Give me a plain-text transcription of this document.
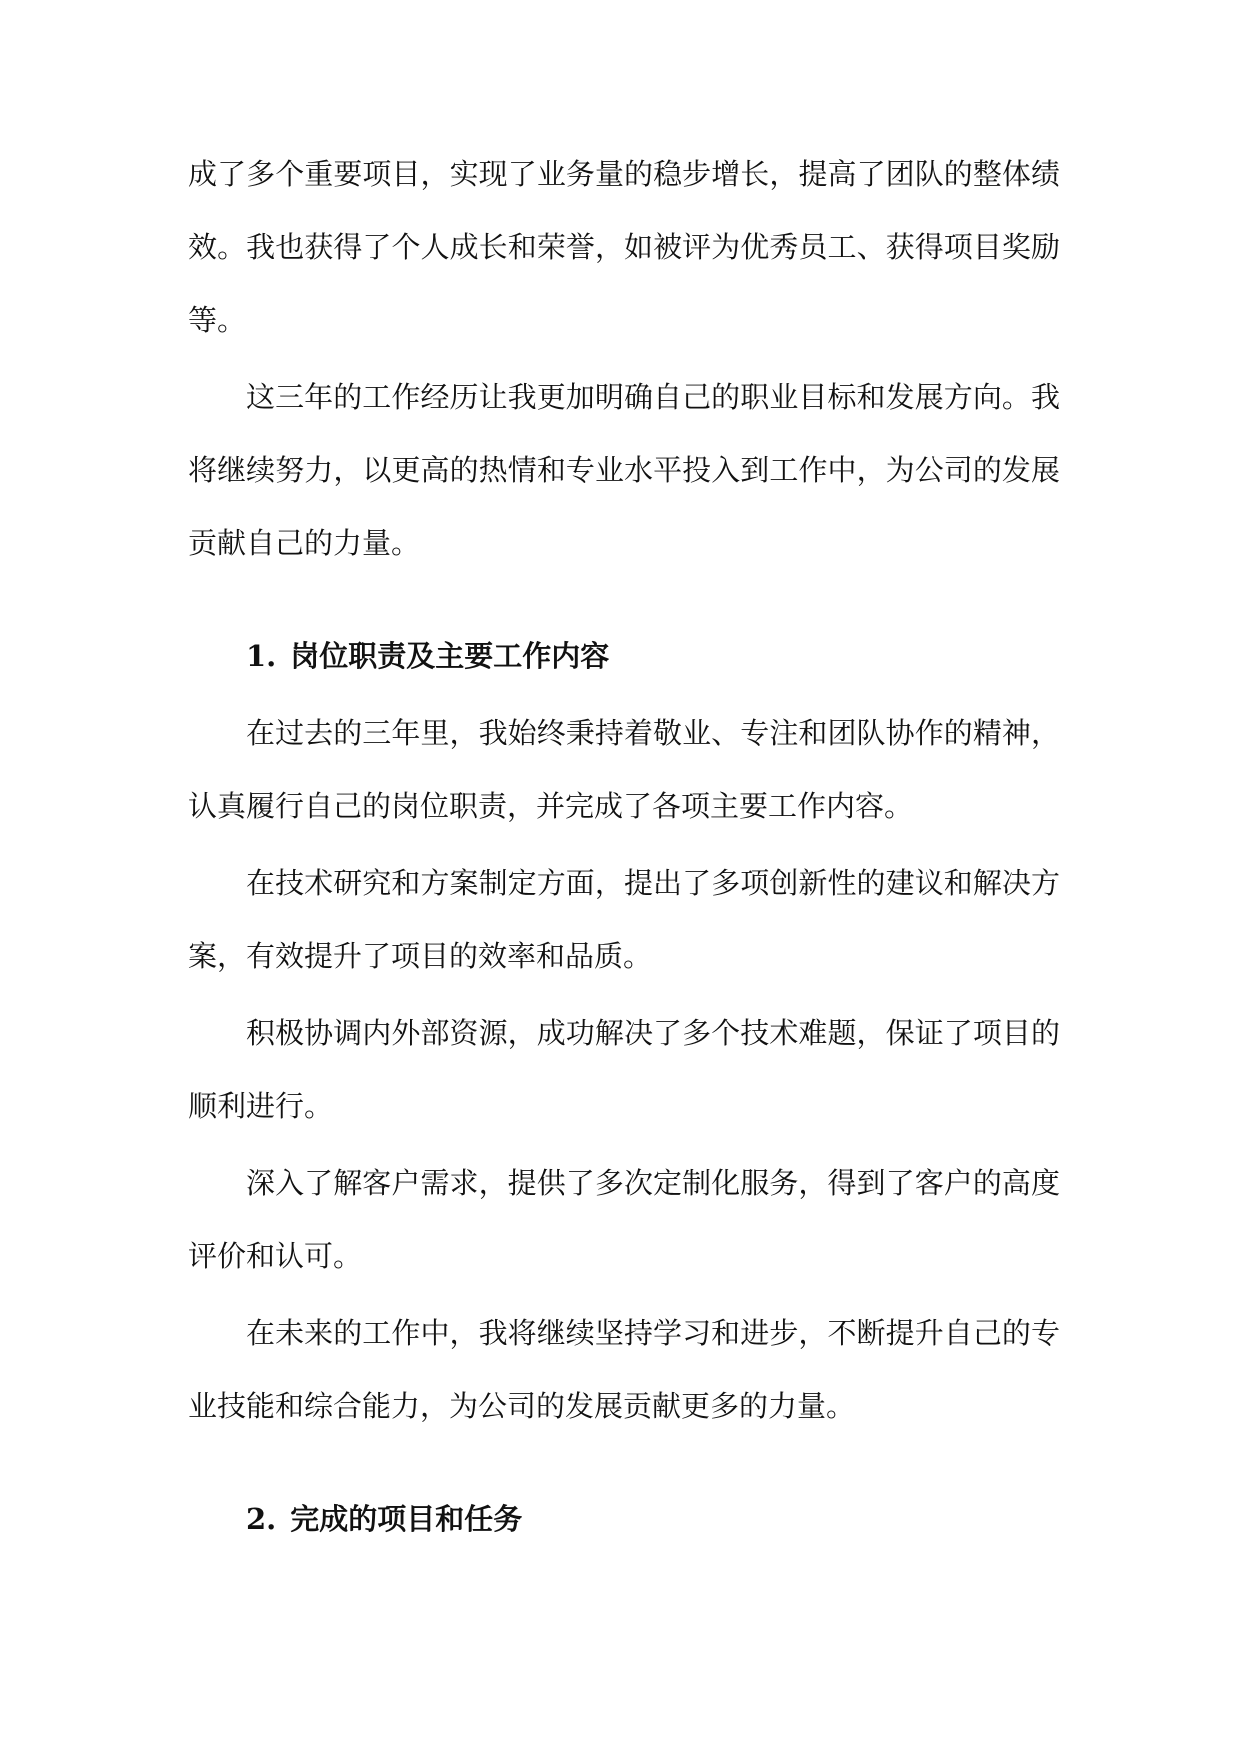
成了多个重要项目，实现了业务量的稳步增长，提高了团队的整体绩效。我也获得了个人成长和荣誉，如被评为优秀员工、获得项目奖励等。

这三年的工作经历让我更加明确自己的职业目标和发展方向。我将继续努力，以更高的热情和专业水平投入到工作中，为公司的发展贡献自己的力量。

1. 岗位职责及主要工作内容

在过去的三年里，我始终秉持着敬业、专注和团队协作的精神，认真履行自己的岗位职责，并完成了各项主要工作内容。

在技术研究和方案制定方面，提出了多项创新性的建议和解决方案，有效提升了项目的效率和品质。

积极协调内外部资源，成功解决了多个技术难题，保证了项目的顺利进行。

深入了解客户需求，提供了多次定制化服务，得到了客户的高度评价和认可。

在未来的工作中，我将继续坚持学习和进步，不断提升自己的专业技能和综合能力，为公司的发展贡献更多的力量。

2. 完成的项目和任务
